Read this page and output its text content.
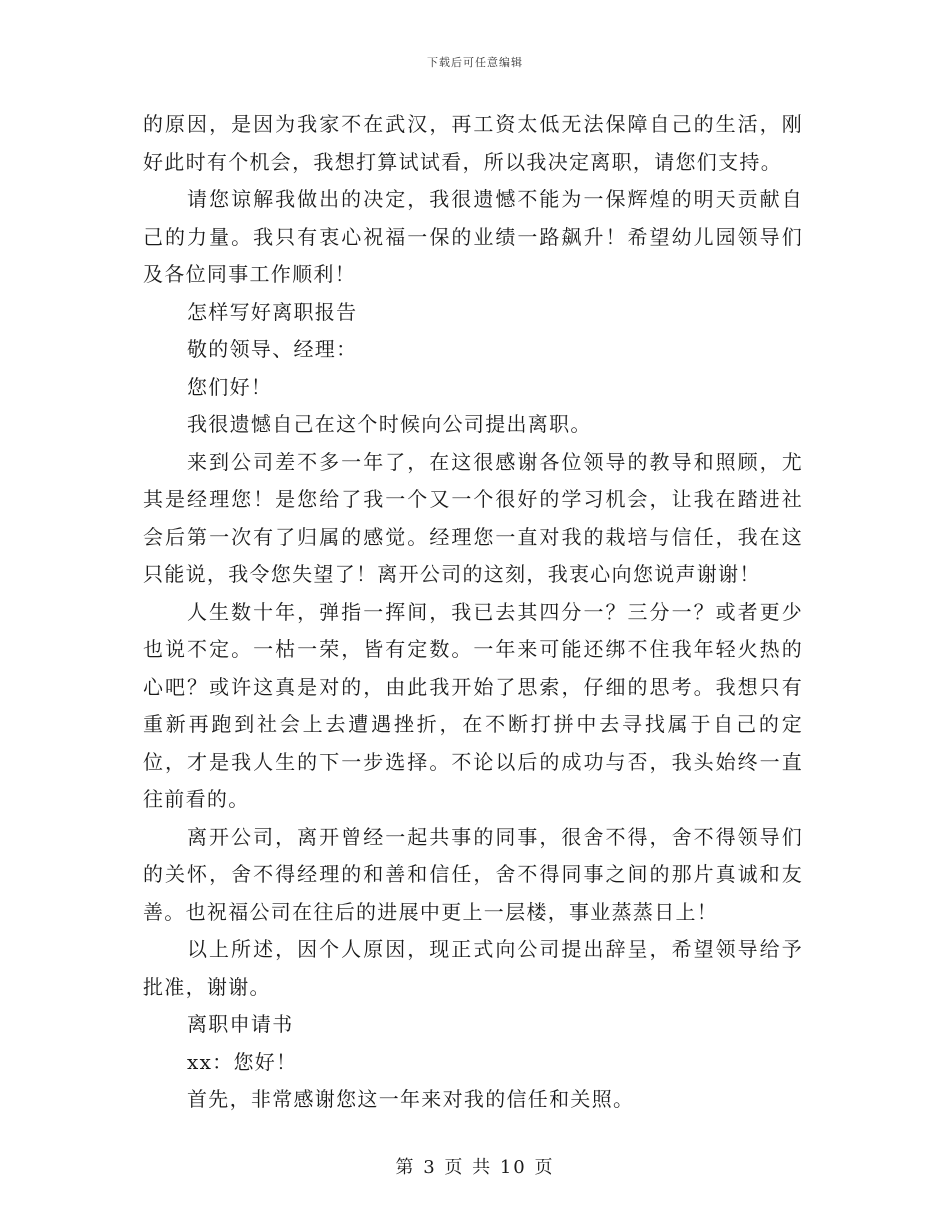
下载后可任意编辑

的原因，是因为我家不在武汉，再工资太低无法保障自己的生活，刚好此时有个机会，我想打算试试看，所以我决定离职，请您们支持。

请您谅解我做出的决定，我很遗憾不能为一保辉煌的明天贡献自己的力量。我只有衷心祝福一保的业绩一路飙升！希望幼儿园领导们及各位同事工作顺利！

怎样写好离职报告

敬的领导、经理：

您们好！

我很遗憾自己在这个时候向公司提出离职。

来到公司差不多一年了，在这很感谢各位领导的教导和照顾，尤其是经理您！是您给了我一个又一个很好的学习机会，让我在踏进社会后第一次有了归属的感觉。经理您一直对我的栽培与信任，我在这只能说，我令您失望了！离开公司的这刻，我衷心向您说声谢谢！

人生数十年，弹指一挥间，我已去其四分一？三分一？或者更少也说不定。一枯一荣，皆有定数。一年来可能还绑不住我年轻火热的心吧？或许这真是对的，由此我开始了思索，仔细的思考。我想只有重新再跑到社会上去遭遇挫折，在不断打拼中去寻找属于自己的定位，才是我人生的下一步选择。不论以后的成功与否，我头始终一直往前看的。

离开公司，离开曾经一起共事的同事，很舍不得，舍不得领导们的关怀，舍不得经理的和善和信任，舍不得同事之间的那片真诚和友善。也祝福公司在往后的进展中更上一层楼，事业蒸蒸日上！

以上所述，因个人原因，现正式向公司提出辞呈，希望领导给予批准，谢谢。

离职申请书

xx：您好！

首先，非常感谢您这一年来对我的信任和关照。

第 3 页 共 10 页
